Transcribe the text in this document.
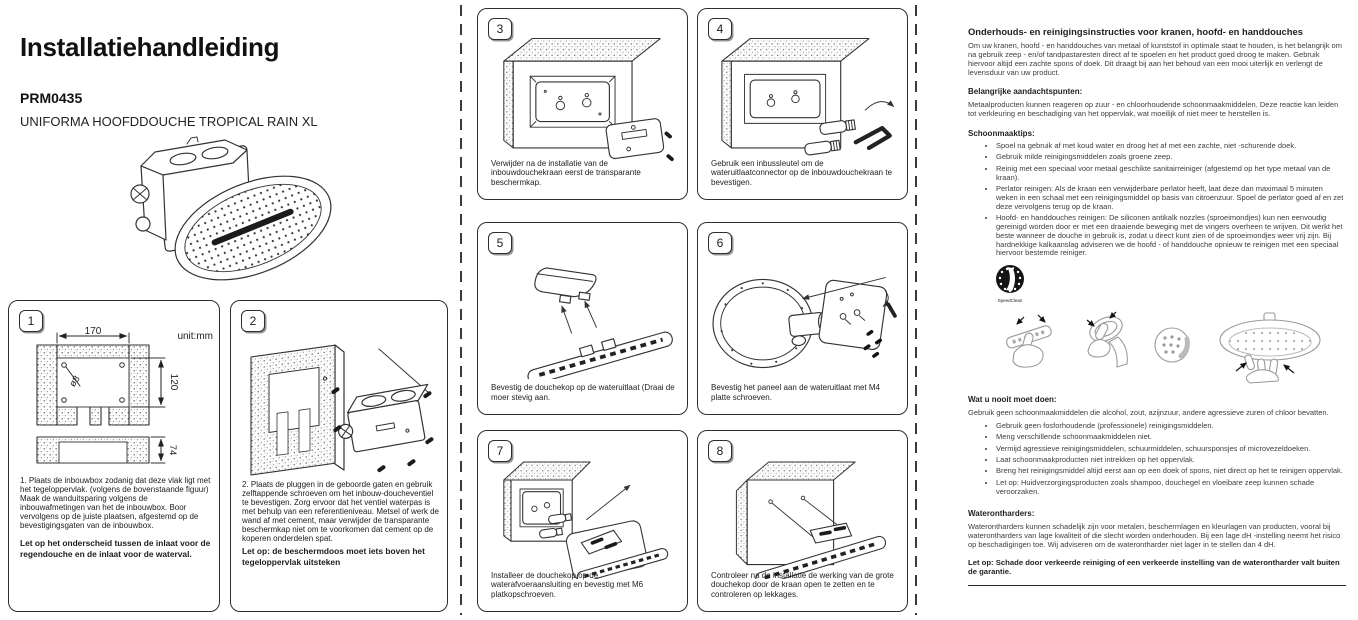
Installatiehandleiding
PRM0435
UNIFORMA HOOFDDOUCHE TROPICAL RAIN XL
1
unit:mm
170
120
ø8
74

1. Plaats de inbouwbox zodanig dat deze vlak ligt met het tegeloppervlak. (volgens de bovenstaande figuur) Maak de wanduitsparing volgens de inbouwafmetingen van het de inbouwbox. Boor vervolgens op de juiste plaatsen, afgestemd op de bevestigingsgaten van de inbouwbox.

Let op het onderscheid tussen de inlaat voor de regendouche en de inlaat voor de waterval.

2

2. Plaats de pluggen in de geboorde gaten en gebruik zelftappende schroeven om het inbouw-doucheventiel te bevestigen. Zorg ervoor dat het ventiel waterpas is met behulp van een referentieniveau. Metsel of werk de wand af met cement, maar verwijder de transparante beschermkap niet om te voorkomen dat cement op de koperen onderdelen spat.

Let op: de beschermdoos moet iets boven het tegeloppervlak uitsteken

3
Verwijder na de installatie van de inbouwdouchekraan eerst de transparante beschermkap.
4
Gebruik een inbussleutel om de wateruitlaatconnector op de inbouwdouchekraan te bevestigen.
5
Bevestig de douchekop op de wateruitlaat (Draai de moer stevig aan.
6
Bevestig het paneel aan de wateruitlaat met M4 platte schroeven.
7
Installeer de douchekop op de waterafvoeraansluiting en bevestig met M6 platkopschroeven.
8
Controleer na de installatie de werking van de grote douchekop door de kraan open te zetten en te controleren op lekkages.
Onderhouds- en reinigingsinstructies voor kranen, hoofd- en handdouches

Om uw kranen, hoofd - en handdouches van metaal of kunststof in optimale staat te houden, is het belangrijk om na gebruik zeep - en/of tandpastaresten direct af te spoelen en het product goed droog te maken. Gebruik hiervoor altijd een zachte spons of doek. Dit draagt bij aan het behoud van een mooi uiterlijk en verlengt de levensduur van uw product.

Belangrijke aandachtspunten:

Metaalproducten kunnen reageren op zuur - en chloorhoudende schoonmaakmiddelen. Deze reactie kan leiden tot verkleuring en beschadiging van het oppervlak, wat moeilijk of niet meer te herstellen is.

Schoonmaaktips:
• Spoel na gebruik af met koud water en droog het af met een zachte, niet -schurende doek.
• Gebruik milde reinigingsmiddelen zoals groene zeep.
• Reinig met een speciaal voor metaal geschikte sanitairreiniger (afgestemd op het type metaal van de kraan).
• Perlator reinigen: Als de kraan een verwijderbare perlator heeft, laat deze dan maximaal 5 minuten weken in een schaal met een reinigingsmiddel op basis van citroenzuur. Spoel de perlator goed af en zet deze vervolgens terug op de kraan.
• Hoofd- en handdouches reinigen: De siliconen antikalk nozzles (sproeimondjes) kun nen eenvoudig gereinigd worden door er met een draaiende beweging met de vingers overheen te wrijven. Dit werkt het beste wanneer de douche in gebruik is, zodat u direct kunt zien of de sproeimondjes weer vrij zijn. Bij hardnekkige kalkaanslag adviseren we de hoofd - of handdouche opnieuw te reinigen met een speciaal hiervoor bestemde reiniger.
SpeedClean

Wat u nooit moet doen:

Gebruik geen schoonmaakmiddelen die alcohol, zout, azijnzuur, andere agressieve zuren of chloor bevatten.

• Gebruik geen fosforhoudende (professionele) reinigingsmiddelen.
• Meng verschillende schoonmaakmiddelen niet.
• Vermijd agressieve reinigingsmiddelen, schuurmiddelen, schuursponsjes of microvezeldoeken.
• Laat schoonmaakproducten niet intrekken op het oppervlak.
• Breng het reinigingsmiddel altijd eerst aan op een doek of spons, niet direct op het te reinigen oppervlak.
• Let op: Huidverzorgingsproducten zoals shampoo, douchegel en vloeibare zeep kunnen schade veroorzaken.
Waterontharders:

Waterontharders kunnen schadelijk zijn voor metalen, beschermlagen en kleurlagen van producten, vooral bij waterontharders van lage kwaliteit of die slecht worden onderhouden. Bij een lage dH -instelling neemt het risico op beschadigingen toe. Wij adviseren om de waterontharder niet lager in te stellen dan 4 dH.

Let op: Schade door verkeerde reiniging of een verkeerde instelling van de waterontharder valt buiten de garantie.
